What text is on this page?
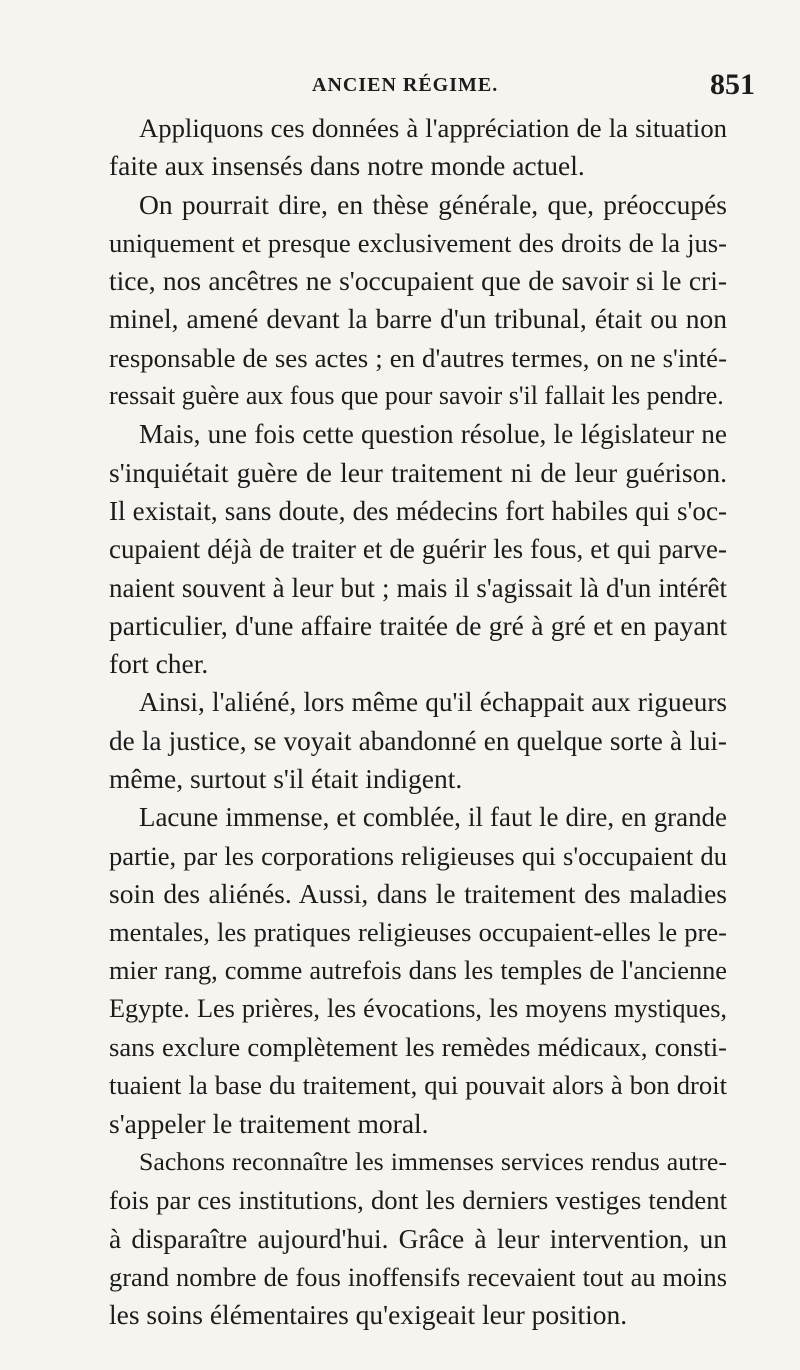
ANCIEN RÉGIME.	851
Appliquons ces données à l'appréciation de la situation
faite aux insensés dans notre monde actuel.
On pourrait dire, en thèse générale, que, préoccupés
uniquement et presque exclusivement des droits de la jus-
tice, nos ancêtres ne s'occupaient que de savoir si le cri-
minel, amené devant la barre d'un tribunal, était ou non
responsable de ses actes ; en d'autres termes, on ne s'inté-
ressait guère aux fous que pour savoir s'il fallait les pendre.
Mais, une fois cette question résolue, le législateur ne
s'inquiétait guère de leur traitement ni de leur guérison.
Il existait, sans doute, des médecins fort habiles qui s'oc-
cupaient déjà de traiter et de guérir les fous, et qui parve-
naient souvent à leur but ; mais il s'agissait là d'un intérêt
particulier, d'une affaire traitée de gré à gré et en payant
fort cher.
Ainsi, l'aliéné, lors même qu'il échappait aux rigueurs
de la justice, se voyait abandonné en quelque sorte à lui-
même, surtout s'il était indigent.
Lacune immense, et comblée, il faut le dire, en grande
partie, par les corporations religieuses qui s'occupaient du
soin des aliénés. Aussi, dans le traitement des maladies
mentales, les pratiques religieuses occupaient-elles le pre-
mier rang, comme autrefois dans les temples de l'ancienne
Egypte. Les prières, les évocations, les moyens mystiques,
sans exclure complètement les remèdes médicaux, consti-
tuaient la base du traitement, qui pouvait alors à bon droit
s'appeler le traitement moral.
Sachons reconnaître les immenses services rendus autre-
fois par ces institutions, dont les derniers vestiges tendent
à disparaître aujourd'hui. Grâce à leur intervention, un
grand nombre de fous inoffensifs recevaient tout au moins
les soins élémentaires qu'exigeait leur position.
